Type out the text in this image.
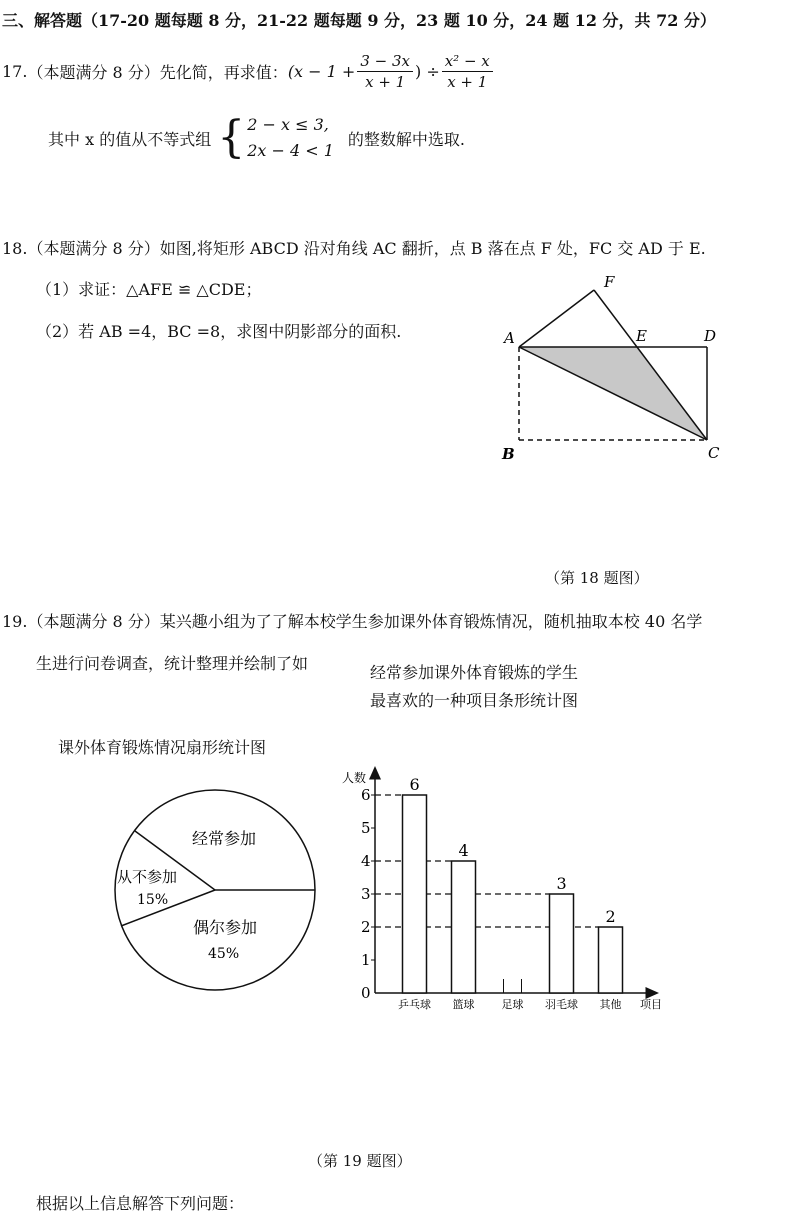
三、解答题（17-20 题每题 8 分，21-22 题每题 9 分，23 题 10 分，24 题 12 分，共 72 分）
17. （本题满分 8 分）先化简，再求值： ($x - 1 + \frac{3 - 3x}{x + 1}$ ) ÷ $\frac{\text{x² − x}}{x + 1}$
其中 x 的值从不等式组 { 2 − x ≤ 3,
2x − 4 < 1
的整数解中选取.
18.（本题满分 8 分）如图,将矩形 ABCD 沿对角线 AC 翻折，点 B 落在点 F 处，FC 交 AD 于 E.
（1）求证：△AFE ≌ △CDE；
（2）若 AB =4，BC =8，求图中阴影部分的面积.
F
A	E	D
B	C
（第 18 题图）
19.（本题满分 8 分）某兴趣小组为了了解本校学生参加课外体育锻炼情况，随机抽取本校 40 名学
生进行问卷调查，统计整理并绘制了如	经常参加课外体育锻炼的学生
最喜欢的一种项目条形统计图
课外体育锻炼情况扇形统计图
经常参加
从不参加
15%
偶尔参加
45%
人数
项目
0
1
2
3
4
5
6
6
4
3
2
乒乓球 篮球 足球 羽毛球 其他
（第 19 题图）
根据以上信息解答下列问题：
